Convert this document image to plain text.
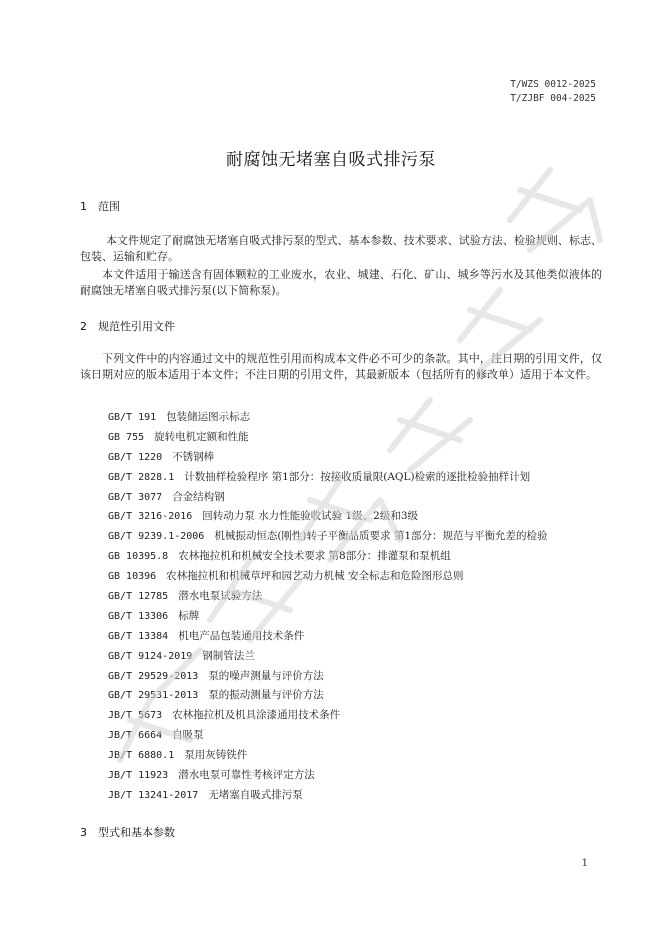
T/WZS 0012-2025
T/ZJBF 004-2025
耐腐蚀无堵塞自吸式排污泵
1 范围
本文件规定了耐腐蚀无堵塞自吸式排污泵的型式、基本参数、技术要求、试验方法、检验规则、标志、包装、运输和贮存。
本文件适用于输送含有固体颗粒的工业废水，农业、城建、石化、矿山、城乡等污水及其他类似液体的耐腐蚀无堵塞自吸式排污泵(以下简称泵)。
2 规范性引用文件
下列文件中的内容通过文中的规范性引用而构成本文件必不可少的条款。其中，注日期的引用文件，仅该日期对应的版本适用于本文件；不注日期的引用文件，其最新版本（包括所有的修改单）适用于本文件。
GB/T 191 包装储运图示标志
GB 755 旋转电机定额和性能
GB/T 1220 不锈钢棒
GB/T 2828.1 计数抽样检验程序 第1部分：按接收质量限(AQL)检索的逐批检验抽样计划
GB/T 3077 合金结构钢
GB/T 3216-2016 回转动力泵 水力性能验收试验 1级、2级和3级
GB/T 9239.1-2006 机械振动恒态(刚性)转子平衡品质要求 第1部分：规范与平衡允差的检验
GB 10395.8 农林拖拉机和机械安全技术要求 第8部分：排灌泵和泵机组
GB 10396 农林拖拉机和机械草坪和园艺动力机械 安全标志和危险图形总则
GB/T 12785 潜水电泵试验方法
GB/T 13306 标牌
GB/T 13384 机电产品包装通用技术条件
GB/T 9124-2019 钢制管法兰
GB/T 29529-2013 泵的噪声测量与评价方法
GB/T 29531-2013 泵的振动测量与评价方法
JB/T 5673 农林拖拉机及机具涂漆通用技术条件
JB/T 6664 自吸泵
JB/T 6880.1 泵用灰铸铁件
JB/T 11923 潜水电泵可靠性考核评定方法
JB/T 13241-2017 无堵塞自吸式排污泵
3 型式和基本参数
1
